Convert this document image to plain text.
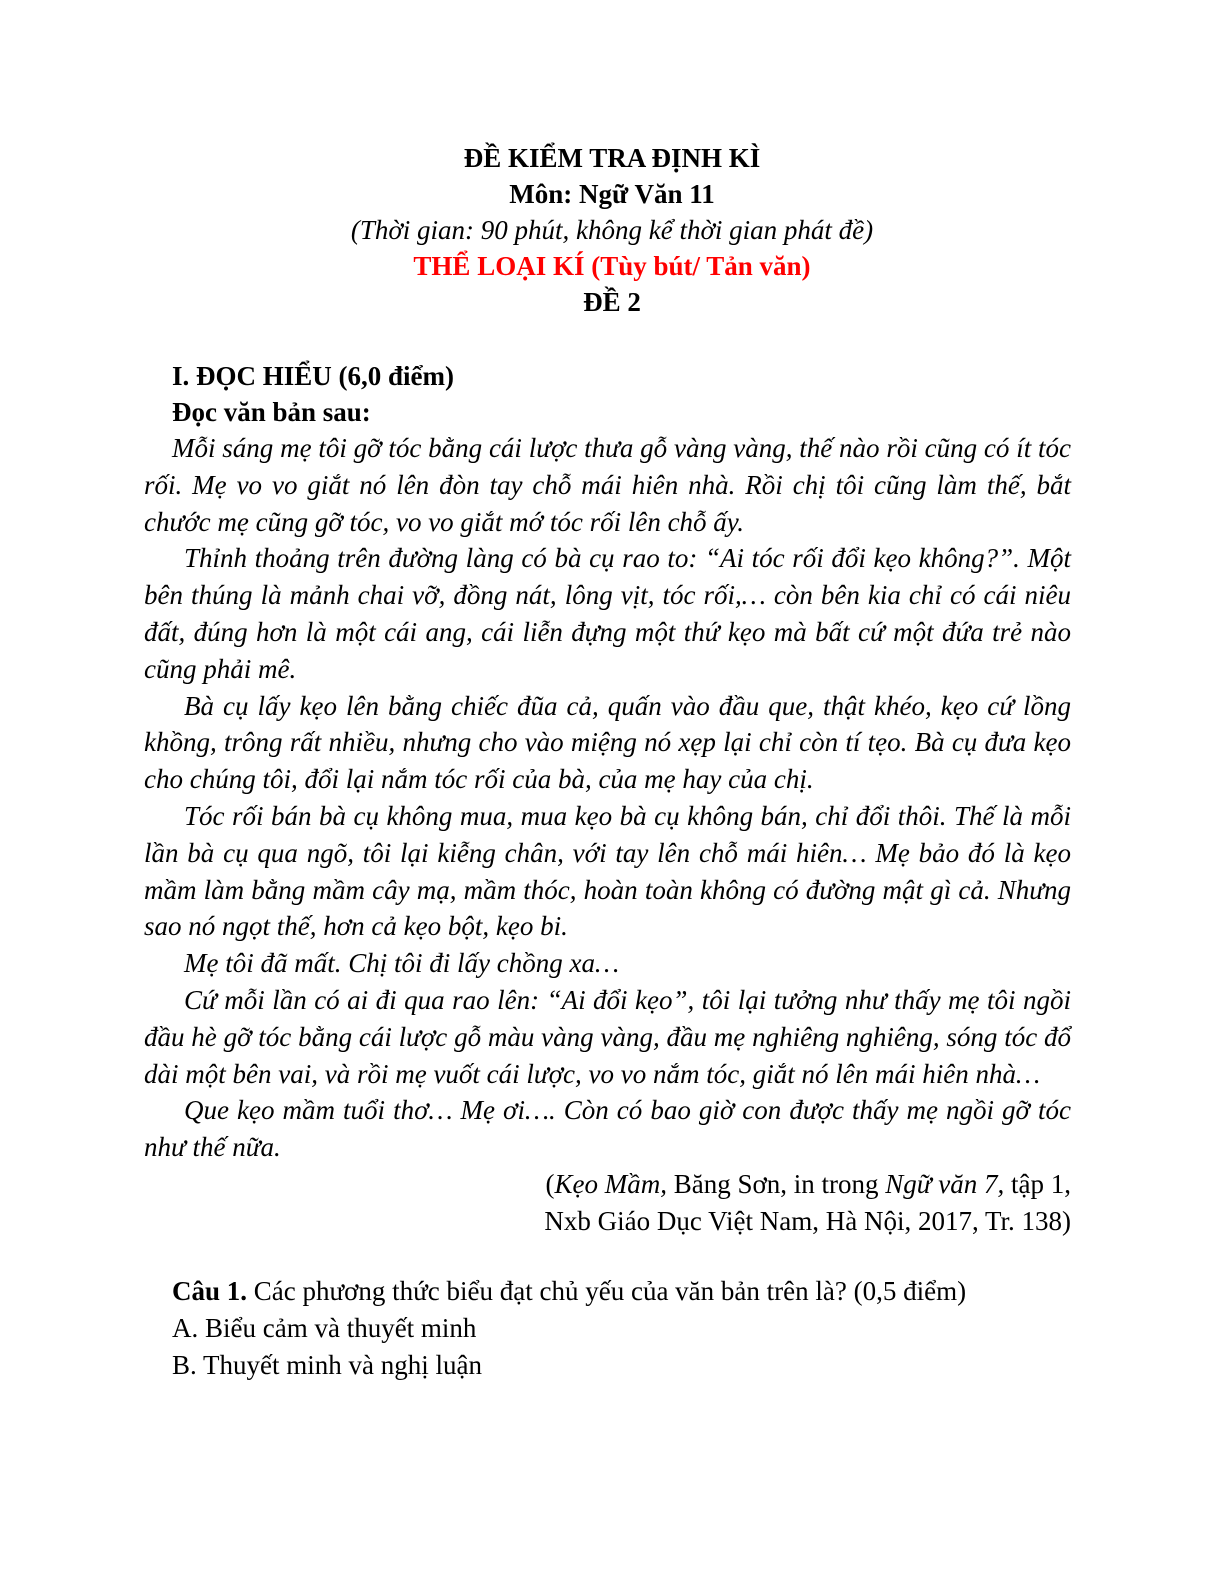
ĐỀ KIỂM TRA ĐỊNH KÌ
Môn: Ngữ Văn 11
(Thời gian: 90 phút, không kể thời gian phát đề)
THỂ LOẠI KÍ (Tùy bút/ Tản văn)
ĐỀ 2
I. ĐỌC HIỂU (6,0 điểm)
Đọc văn bản sau:

Mỗi sáng mẹ tôi gỡ tóc bằng cái lược thưa gỗ vàng vàng, thế nào rồi cũng có ít tóc rối. Mẹ vo vo giắt nó lên đòn tay chỗ mái hiên nhà. Rồi chị tôi cũng làm thế, bắt chước mẹ cũng gỡ tóc, vo vo giắt mớ tóc rối lên chỗ ấy.

Thỉnh thoảng trên đường làng có bà cụ rao to: “Ai tóc rối đổi kẹo không?”. Một bên thúng là mảnh chai vỡ, đồng nát, lông vịt, tóc rối,… còn bên kia chỉ có cái niêu đất, đúng hơn là một cái ang, cái liễn đựng một thứ kẹo mà bất cứ một đứa trẻ nào cũng phải mê.

Bà cụ lấy kẹo lên bằng chiếc đũa cả, quấn vào đầu que, thật khéo, kẹo cứ lồng khồng, trông rất nhiều, nhưng cho vào miệng nó xẹp lại chỉ còn tí tẹo. Bà cụ đưa kẹo cho chúng tôi, đổi lại nắm tóc rối của bà, của mẹ hay của chị.

Tóc rối bán bà cụ không mua, mua kẹo bà cụ không bán, chỉ đổi thôi. Thế là mỗi lần bà cụ qua ngõ, tôi lại kiễng chân, với tay lên chỗ mái hiên… Mẹ bảo đó là kẹo mầm làm bằng mầm cây mạ, mầm thóc, hoàn toàn không có đường mật gì cả. Nhưng sao nó ngọt thế, hơn cả kẹo bột, kẹo bi.

Mẹ tôi đã mất. Chị tôi đi lấy chồng xa…

Cứ mỗi lần có ai đi qua rao lên: “Ai đổi kẹo”, tôi lại tưởng như thấy mẹ tôi ngồi đầu hè gỡ tóc bằng cái lược gỗ màu vàng vàng, đầu mẹ nghiêng nghiêng, sóng tóc đổ dài một bên vai, và rồi mẹ vuốt cái lược, vo vo nắm tóc, giắt nó lên mái hiên nhà…

Que kẹo mầm tuổi thơ… Mẹ ơi…. Còn có bao giờ con được thấy mẹ ngồi gỡ tóc như thế nữa.

(Kẹo Mầm, Băng Sơn, in trong Ngữ văn 7, tập 1,
Nxb Giáo Dục Việt Nam, Hà Nội, 2017, Tr. 138)
Câu 1. Các phương thức biểu đạt chủ yếu của văn bản trên là? (0,5 điểm)
A. Biểu cảm và thuyết minh
B. Thuyết minh và nghị luận
